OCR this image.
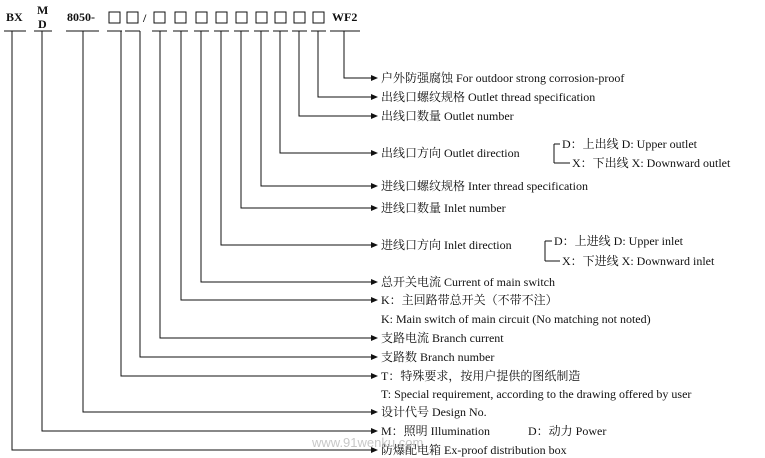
BX M
D 8050-	/	WF2
户外防强腐蚀 For outdoor strong corrosion-proof
出线口螺纹规格 Outlet thread specification
出线口数量 Outlet number
D：上出线 D: Upper outlet
出线口方向 Outlet direction
X：下出线 X: Downward outlet
进线口螺纹规格 Inter thread specification
进线口数量 Inlet number
D：上进线 D: Upper inlet
进线口方向 Inlet direction
X：下进线 X: Downward inlet
总开关电流 Current of main switch
K：主回路带总开关（不带不注）
K: Main switch of main circuit (No matching not noted)
支路电流 Branch current
支路数 Branch number
T：特殊要求，按用户提供的图纸制造
T: Special requirement, according to the drawing offered by user
设计代号 Design No.
M：照明 Illumination	D：动力 Power
防爆配电箱 Ex-proof distribution box
www.91wenku.com
